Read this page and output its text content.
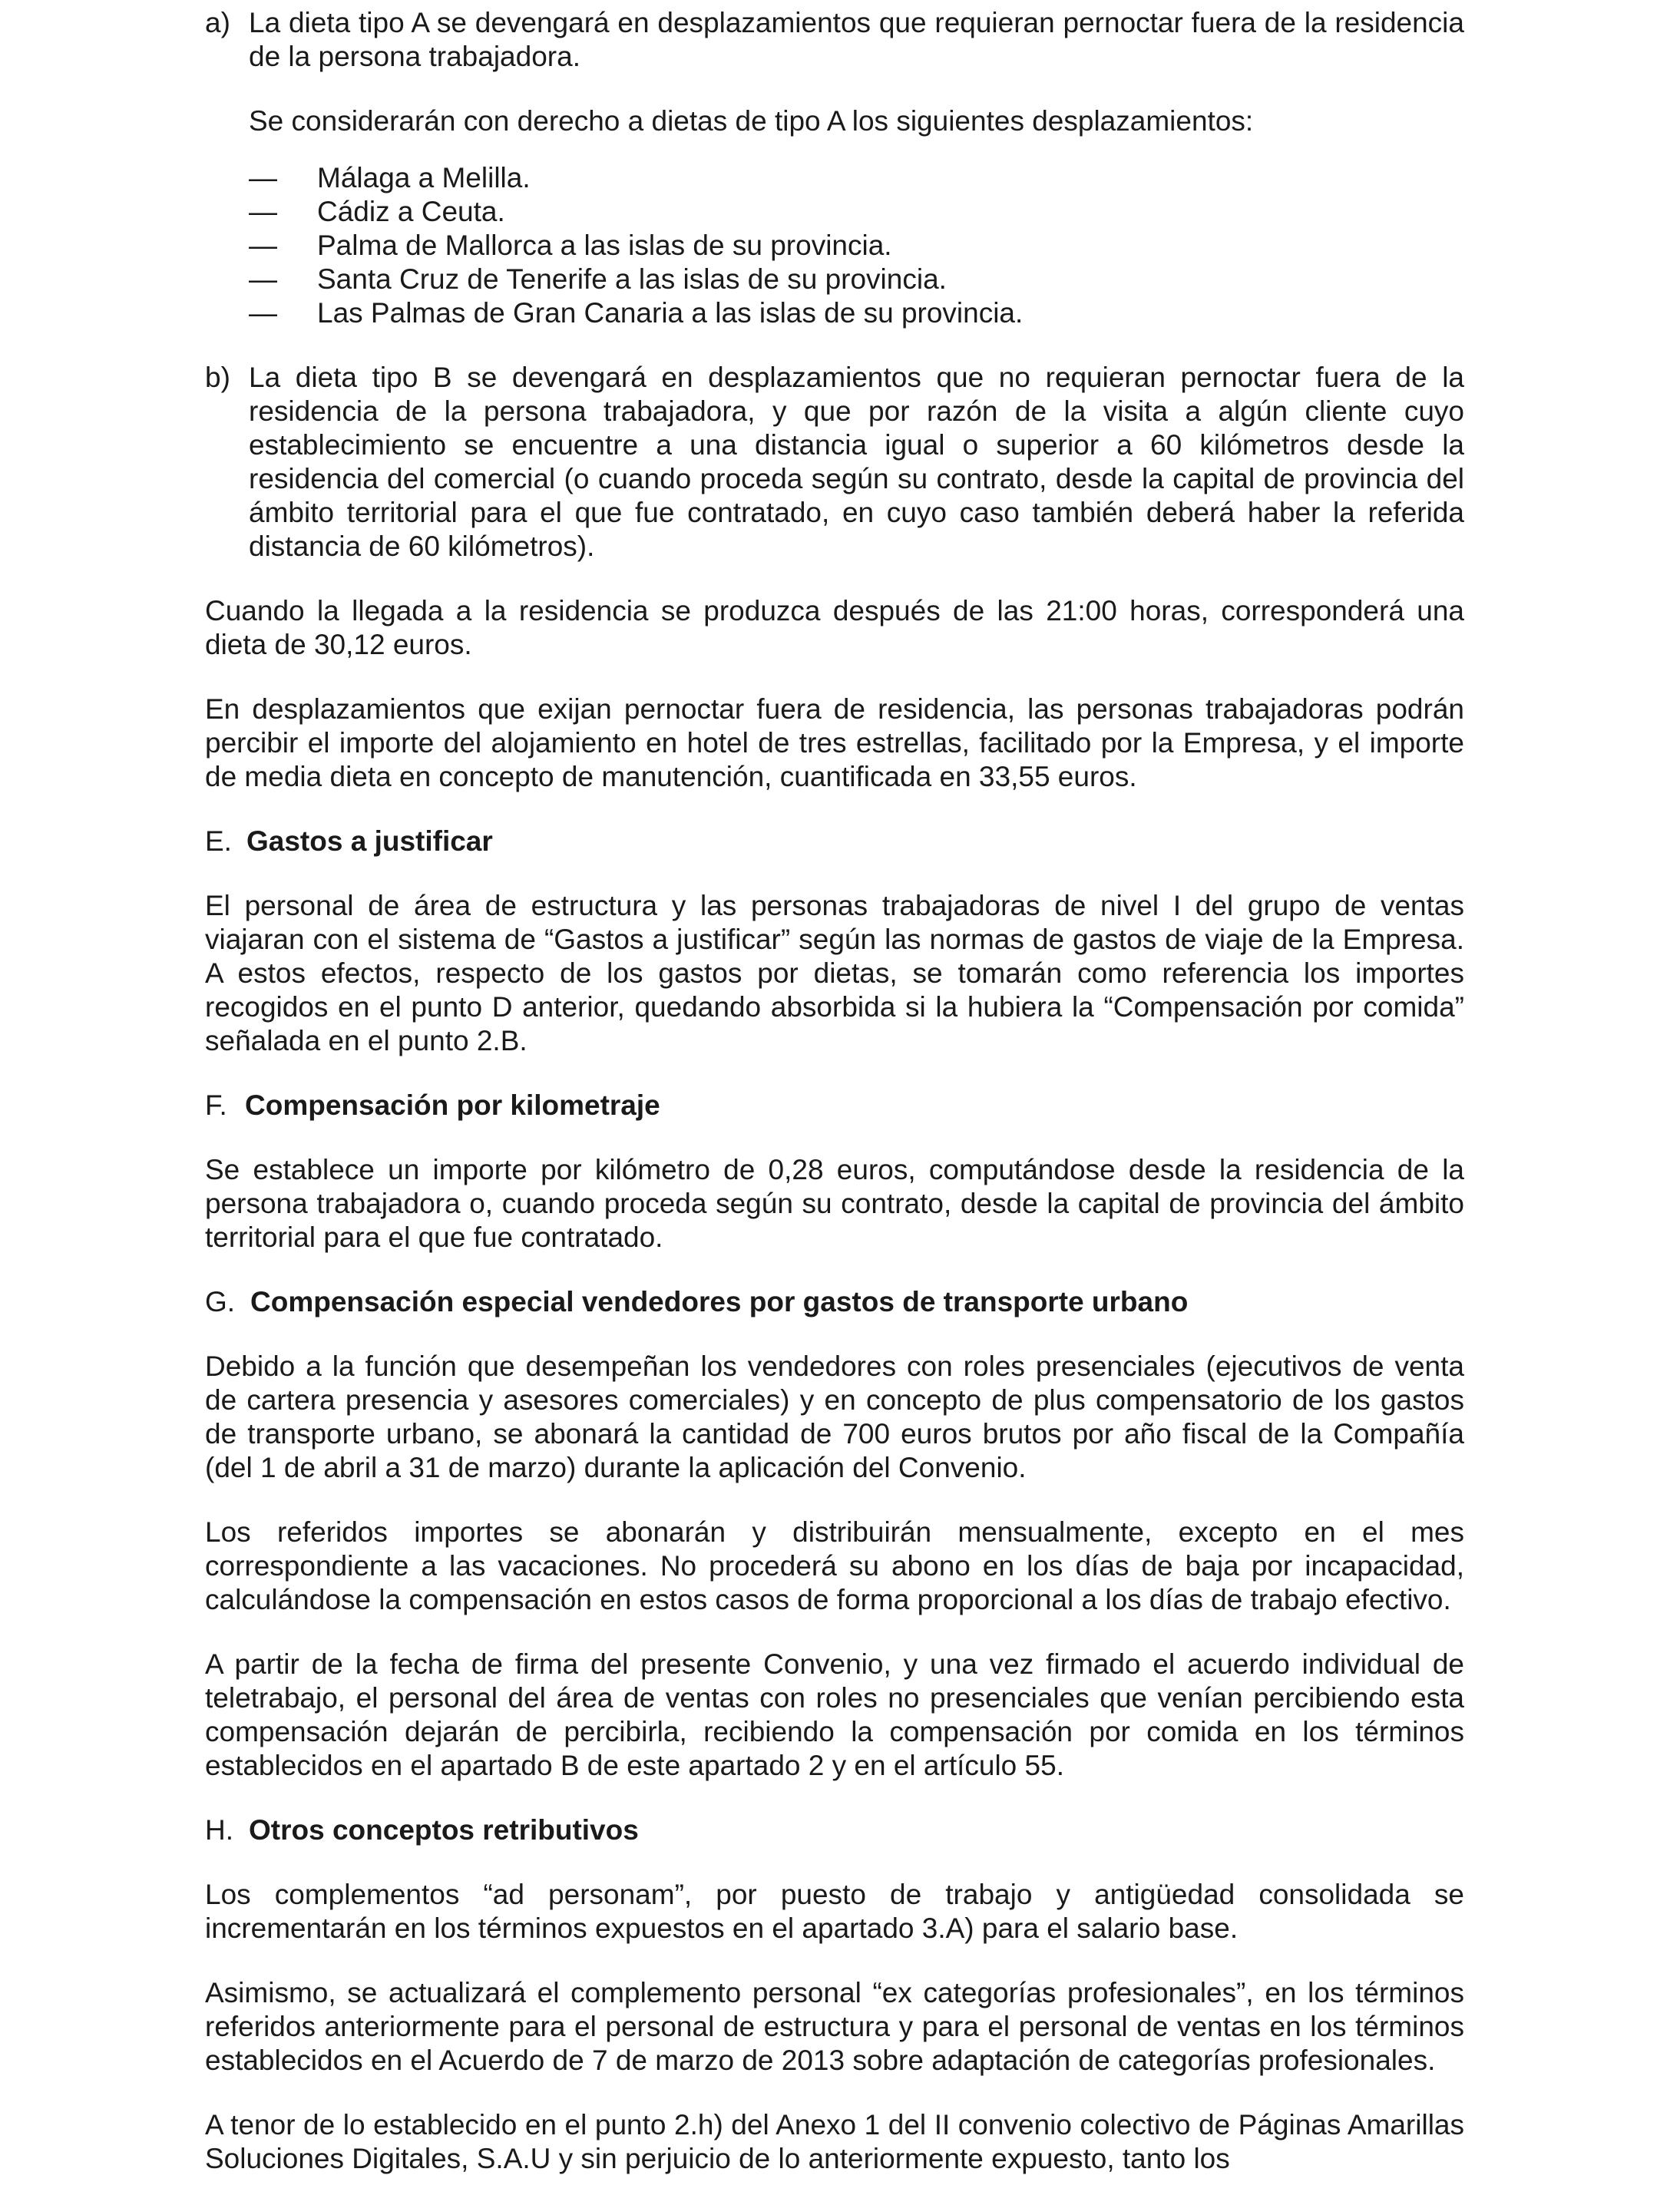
a) La dieta tipo A se devengará en desplazamientos que requieran pernoctar fuera de la residencia de la persona trabajadora.

Se considerarán con derecho a dietas de tipo A los siguientes desplazamientos:

— Málaga a Melilla.
— Cádiz a Ceuta.
— Palma de Mallorca a las islas de su provincia.
— Santa Cruz de Tenerife a las islas de su provincia.
— Las Palmas de Gran Canaria a las islas de su provincia.
b) La dieta tipo B se devengará en desplazamientos que no requieran pernoctar fuera de la residencia de la persona trabajadora, y que por razón de la visita a algún cliente cuyo establecimiento se encuentre a una distancia igual o superior a 60 kilómetros desde la residencia del comercial (o cuando proceda según su contrato, desde la capital de provincia del ámbito territorial para el que fue contratado, en cuyo caso también deberá haber la referida distancia de 60 kilómetros).

Cuando la llegada a la residencia se produzca después de las 21:00 horas, corresponderá una dieta de 30,12 euros.

En desplazamientos que exijan pernoctar fuera de residencia, las personas trabajadoras podrán percibir el importe del alojamiento en hotel de tres estrellas, facilitado por la Empresa, y el importe de media dieta en concepto de manutención, cuantificada en 33,55 euros.

E. Gastos a justificar

El personal de área de estructura y las personas trabajadoras de nivel I del grupo de ventas viajaran con el sistema de “Gastos a justificar” según las normas de gastos de viaje de la Empresa. A estos efectos, respecto de los gastos por dietas, se tomarán como referencia los importes recogidos en el punto D anterior, quedando absorbida si la hubiera la “Compensación por comida” señalada en el punto 2.B.

F. Compensación por kilometraje

Se establece un importe por kilómetro de 0,28 euros, computándose desde la residencia de la persona trabajadora o, cuando proceda según su contrato, desde la capital de provincia del ámbito territorial para el que fue contratado.

G. Compensación especial vendedores por gastos de transporte urbano

Debido a la función que desempeñan los vendedores con roles presenciales (ejecutivos de venta de cartera presencia y asesores comerciales) y en concepto de plus compensatorio de los gastos de transporte urbano, se abonará la cantidad de 700 euros brutos por año fiscal de la Compañía (del 1 de abril a 31 de marzo) durante la aplicación del Convenio.

Los referidos importes se abonarán y distribuirán mensualmente, excepto en el mes correspondiente a las vacaciones. No procederá su abono en los días de baja por incapacidad, calculándose la compensación en estos casos de forma proporcional a los días de trabajo efectivo.

A partir de la fecha de firma del presente Convenio, y una vez firmado el acuerdo individual de teletrabajo, el personal del área de ventas con roles no presenciales que venían percibiendo esta compensación dejarán de percibirla, recibiendo la compensación por comida en los términos establecidos en el apartado B de este apartado 2 y en el artículo 55.

H. Otros conceptos retributivos

Los complementos “ad personam”, por puesto de trabajo y antigüedad consolidada se incrementarán en los términos expuestos en el apartado 3.A) para el salario base.

Asimismo, se actualizará el complemento personal “ex categorías profesionales”, en los términos referidos anteriormente para el personal de estructura y para el personal de ventas en los términos establecidos en el Acuerdo de 7 de marzo de 2013 sobre adaptación de categorías profesionales.

A tenor de lo establecido en el punto 2.h) del Anexo 1 del II convenio colectivo de Páginas Amarillas Soluciones Digitales, S.A.U y sin perjuicio de lo anteriormente expuesto, tanto los
